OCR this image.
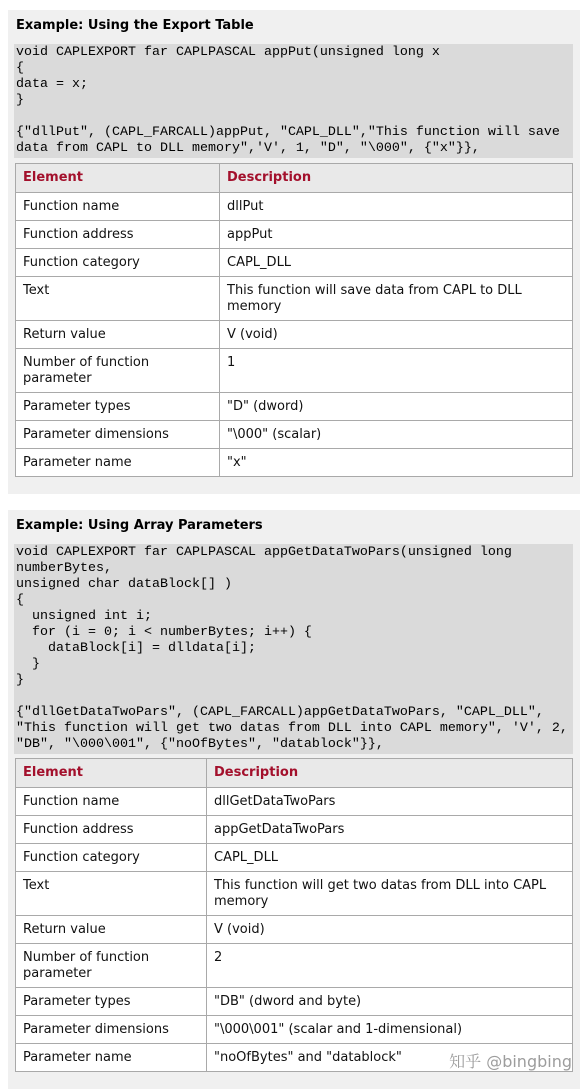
Example: Using the Export Table
void CAPLEXPORT far CAPLPASCAL appPut(unsigned long x
{
data = x;
}

{"dllPut", (CAPL_FARCALL)appPut, "CAPL_DLL","This function will save
data from CAPL to DLL memory",'V', 1, "D", "\000", {"x"}},
Element	Description
Function name	dllPut
Function address	appPut
Function category	CAPL_DLL
Text	This function will save data from CAPL to DLL memory
Return value	V (void)
Number of function parameter	1
Parameter types	"D" (dword)
Parameter dimensions	"\000" (scalar)
Parameter name	"x"
Example: Using Array Parameters
void CAPLEXPORT far CAPLPASCAL appGetDataTwoPars(unsigned long
numberBytes,
unsigned char dataBlock[] )
{
unsigned int i;
for (i = 0; i < numberBytes; i++) {
dataBlock[i] = dlldata[i];
}
}

{"dllGetDataTwoPars", (CAPL_FARCALL)appGetDataTwoPars, "CAPL_DLL",
"This function will get two datas from DLL into CAPL memory", 'V', 2,
"DB", "\000\001", {"noOfBytes", "datablock"}},
Element	Description
Function name	dllGetDataTwoPars
Function address	appGetDataTwoPars
Function category	CAPL_DLL
Text	This function will get two datas from DLL into CAPL memory
Return value	V (void)
Number of function parameter	2
Parameter types	"DB" (dword and byte)
Parameter dimensions	"\000\001" (scalar and 1-dimensional)
Parameter name	"noOfBytes" and "datablock"	知乎 @bingbing
